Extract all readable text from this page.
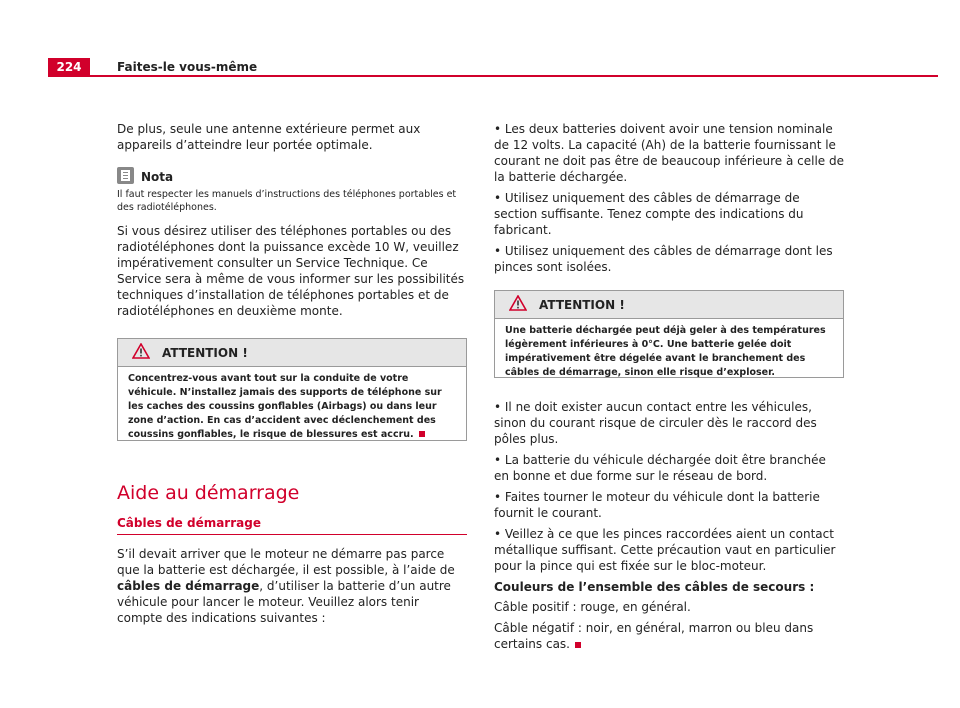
224	Faites-le vous-même

De plus, seule une antenne extérieure permet aux appareils d’atteindre leur portée optimale.

Nota

Il faut respecter les manuels d’instructions des téléphones portables et des radiotéléphones.

Si vous désirez utiliser des téléphones portables ou des radiotéléphones dont la puissance excède 10 W, veuillez impérativement consulter un Service Technique. Ce Service sera à même de vous informer sur les possibilités techniques d’installation de téléphones portables et de radiotéléphones en deuxième monte.

ATTENTION !
Concentrez-vous avant tout sur la conduite de votre véhicule. N’installez jamais des supports de téléphone sur les caches des coussins gonflables (Airbags) ou dans leur zone d’action. En cas d’accident avec déclenchement des coussins gonflables, le risque de blessures est accru.
Aide au démarrage
Câbles de démarrage

S’il devait arriver que le moteur ne démarre pas parce que la batterie est déchargée, il est possible, à l’aide de câbles de démarrage, d’utiliser la batterie d’un autre véhicule pour lancer le moteur. Veuillez alors tenir compte des indications suivantes :

• Les deux batteries doivent avoir une tension nominale de 12 volts. La capacité (Ah) de la batterie fournissant le courant ne doit pas être de beaucoup inférieure à celle de la batterie déchargée.

• Utilisez uniquement des câbles de démarrage de section suffisante. Tenez compte des indications du fabricant.

• Utilisez uniquement des câbles de démarrage dont les pinces sont isolées.

ATTENTION !
Une batterie déchargée peut déjà geler à des températures légèrement inférieures à 0°C. Une batterie gelée doit impérativement être dégelée avant le branchement des câbles de démarrage, sinon elle risque d’exploser.

• Il ne doit exister aucun contact entre les véhicules, sinon du courant risque de circuler dès le raccord des pôles plus.

• La batterie du véhicule déchargée doit être branchée en bonne et due forme sur le réseau de bord.

• Faites tourner le moteur du véhicule dont la batterie fournit le courant.

• Veillez à ce que les pinces raccordées aient un contact métallique suffisant. Cette précaution vaut en particulier pour la pince qui est fixée sur le bloc-moteur.

Couleurs de l’ensemble des câbles de secours :

Câble positif : rouge, en général.

Câble négatif : noir, en général, marron ou bleu dans certains cas.
